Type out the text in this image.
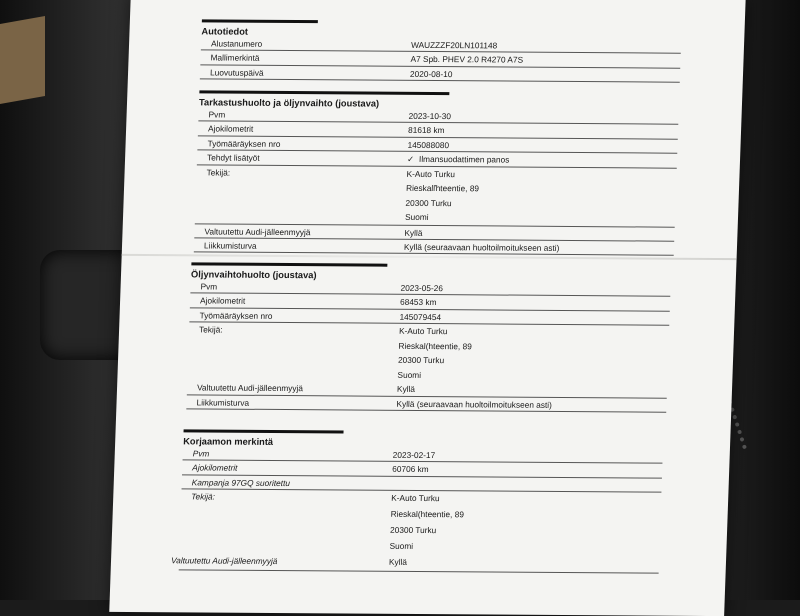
Autotiedot
Alustanumero	WAUZZZF20LN101148
Mallimerkintä	A7 Spb. PHEV 2.0 R4270 A7S
Luovutuspäivä	2020-08-10
Tarkastushuolto ja öljynvaihto (joustava)
Pvm	2023-10-30
Ajokilometrit	81618 km
Työmääräyksen nro	145088080
Tehdyt lisätyöt	✓ Ilmansuodattimen panos
Tekijä:	K-Auto Turku
Rieskalľhteentie, 89
20300 Turku
Suomi
Valtuutettu Audi-jälleenmyyjä	Kyllä
Liikkumisturva	Kyllä (seuraavaan huoltoilmoitukseen asti)
Öljynvaihtohuolto (joustava)
Pvm	2023-05-26
Ajokilometrit	68453 km
Työmääräyksen nro	145079454
Tekijä:	K-Auto Turku
Rieskal(hteentie, 89
20300 Turku
Suomi
Valtuutettu Audi-jälleenmyyjä	Kyllä
Liikkumisturva	Kyllä (seuraavaan huoltoilmoitukseen asti)
Korjaamon merkintä
Pvm	2023-02-17
Ajokilometrit	60706 km
Kampanja 97GQ suoritettu
Tekijä:	K-Auto Turku
Rieskal(hteentie, 89
20300 Turku
Suomi
Valtuutettu Audi-jälleenmyyjä	Kyllä
